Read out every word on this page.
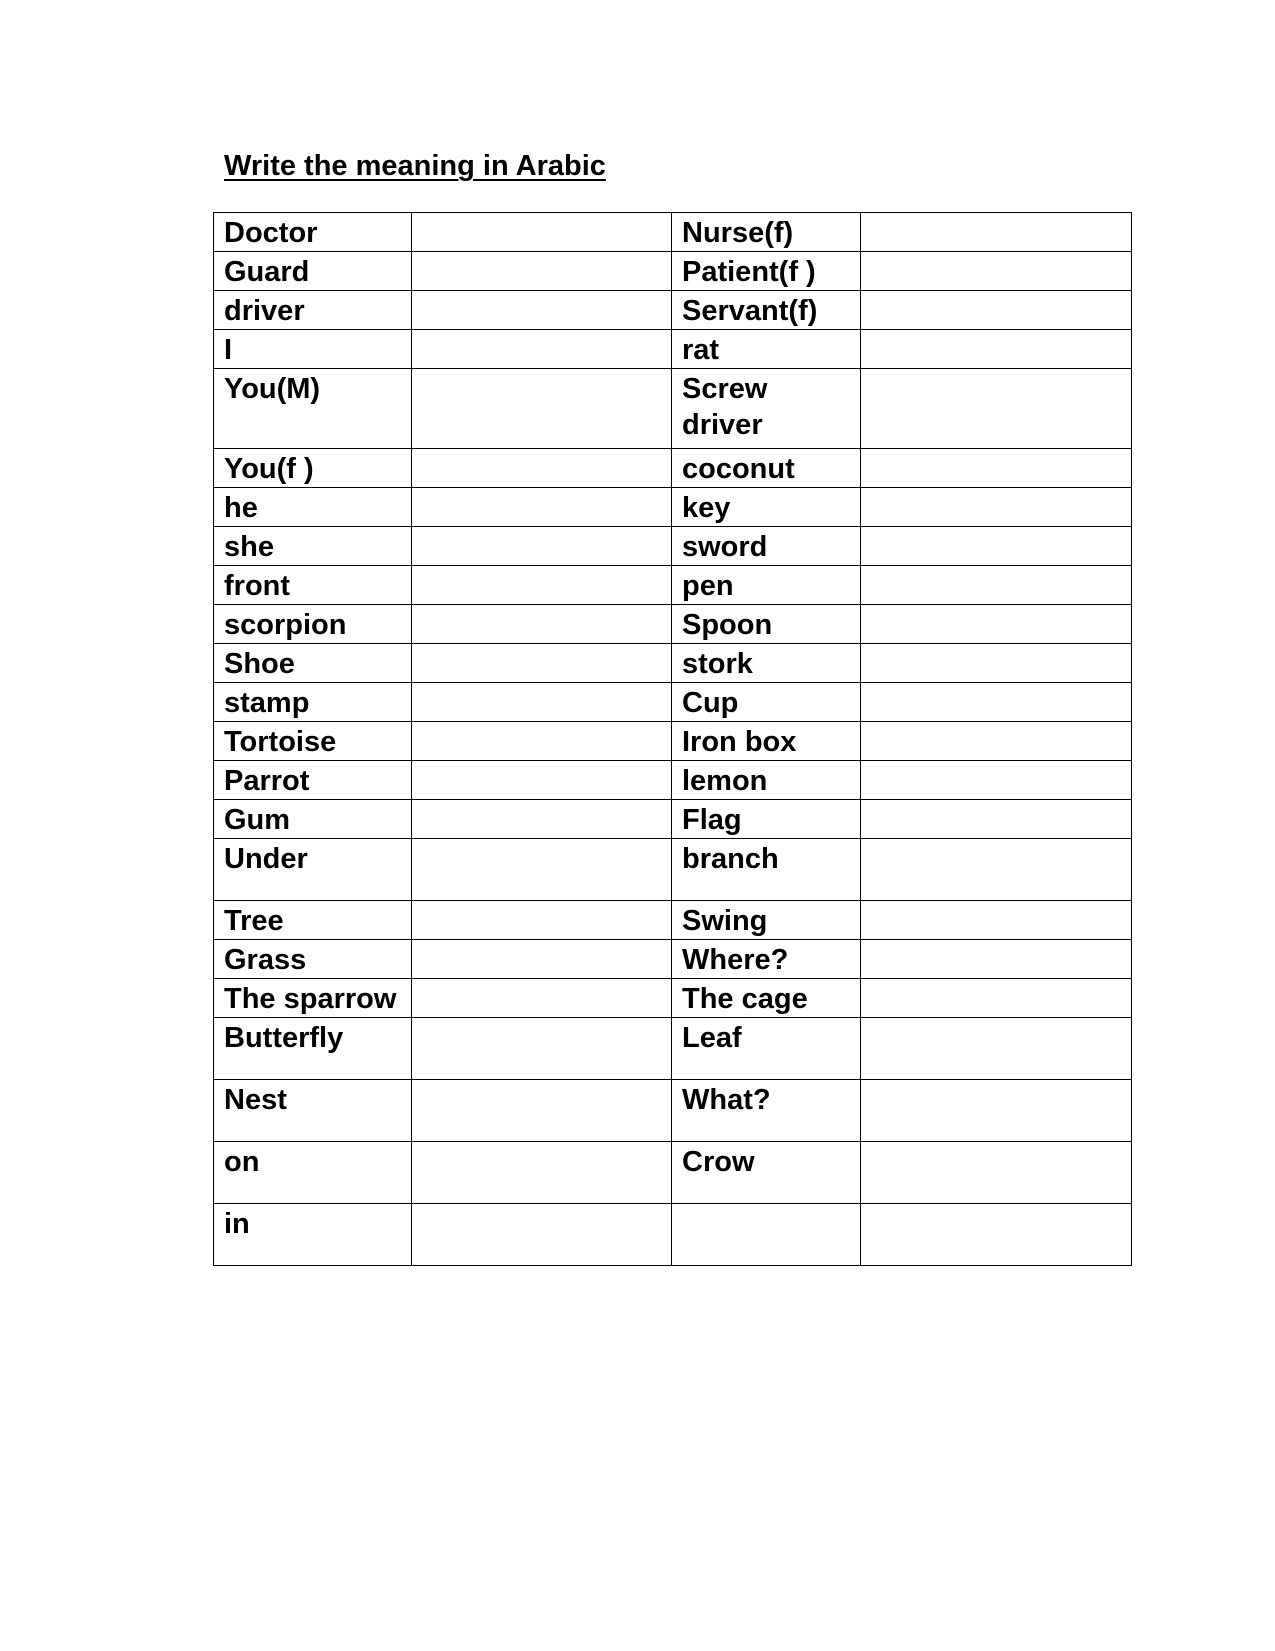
Write the meaning in Arabic
Doctor		Nurse(f)	
Guard		Patient(f )	
driver		Servant(f)	
I		rat	
You(M)		Screw driver	
You(f )		coconut	
he		key	
she		sword	
front		pen	
scorpion		Spoon	
Shoe		stork	
stamp		Cup	
Tortoise		Iron box	
Parrot		lemon	
Gum		Flag	
Under		branch	
Tree		Swing	
Grass		Where?	
The sparrow		The cage	
Butterfly		Leaf	
Nest		What?	
on		Crow	
in			
